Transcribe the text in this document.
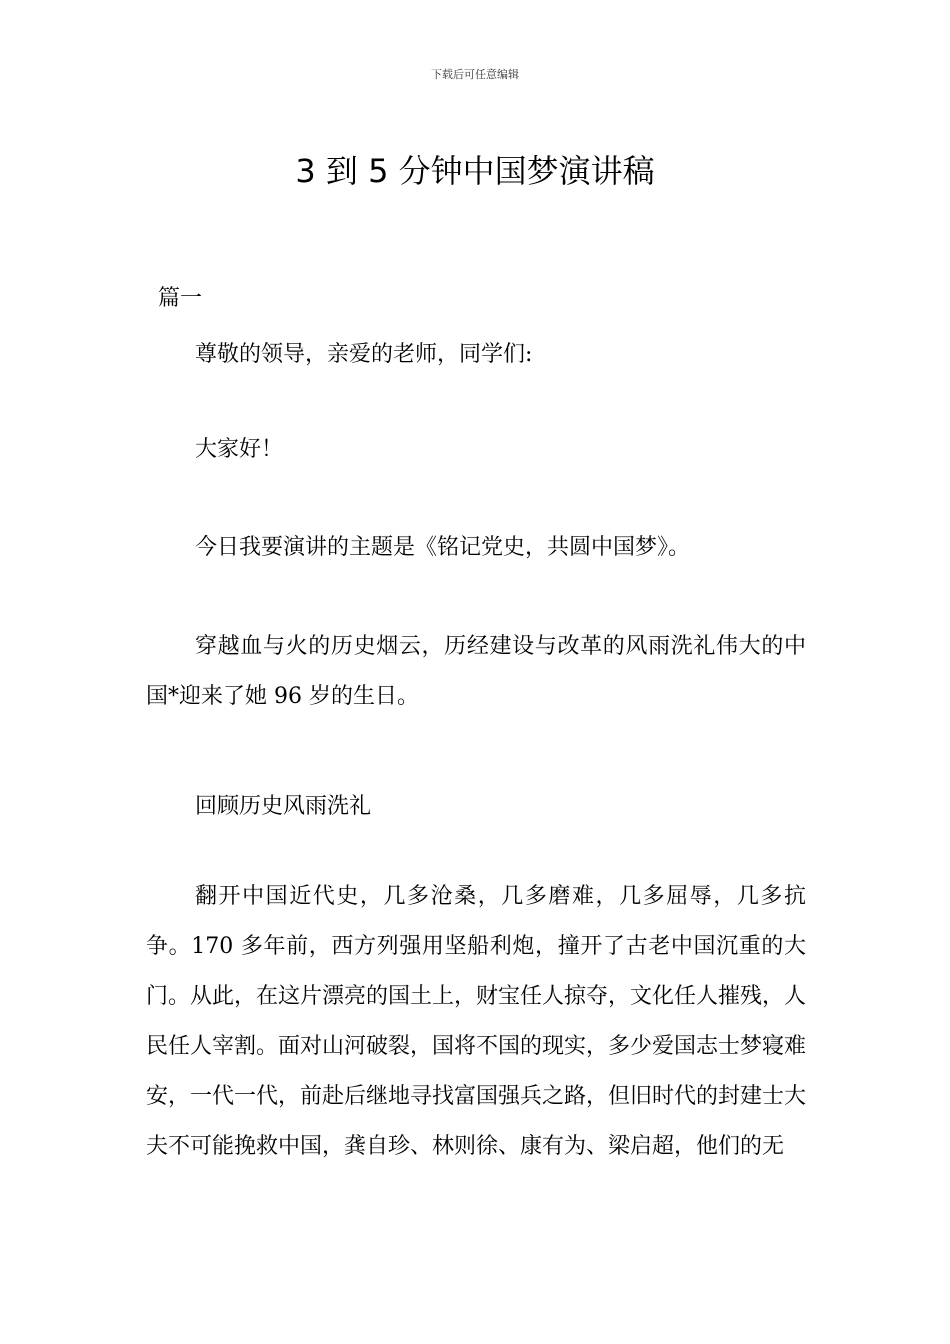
下载后可任意编辑
3 到 5 分钟中国梦演讲稿
篇一

尊敬的领导，亲爱的老师，同学们:

大家好！

今日我要演讲的主题是《铭记党史，共圆中国梦》。

穿越血与火的历史烟云，历经建设与改革的风雨洗礼伟大的中国*迎来了她 96 岁的生日。

回顾历史风雨洗礼

翻开中国近代史，几多沧桑，几多磨难，几多屈辱，几多抗争。170 多年前，西方列强用坚船利炮，撞开了古老中国沉重的大门。从此，在这片漂亮的国土上，财宝任人掠夺，文化任人摧残，人民任人宰割。面对山河破裂，国将不国的现实，多少爱国志士梦寝难安，一代一代，前赴后继地寻找富国强兵之路，但旧时代的封建士大夫不可能挽救中国，龚自珍、林则徐、康有为、梁启超，他们的无
